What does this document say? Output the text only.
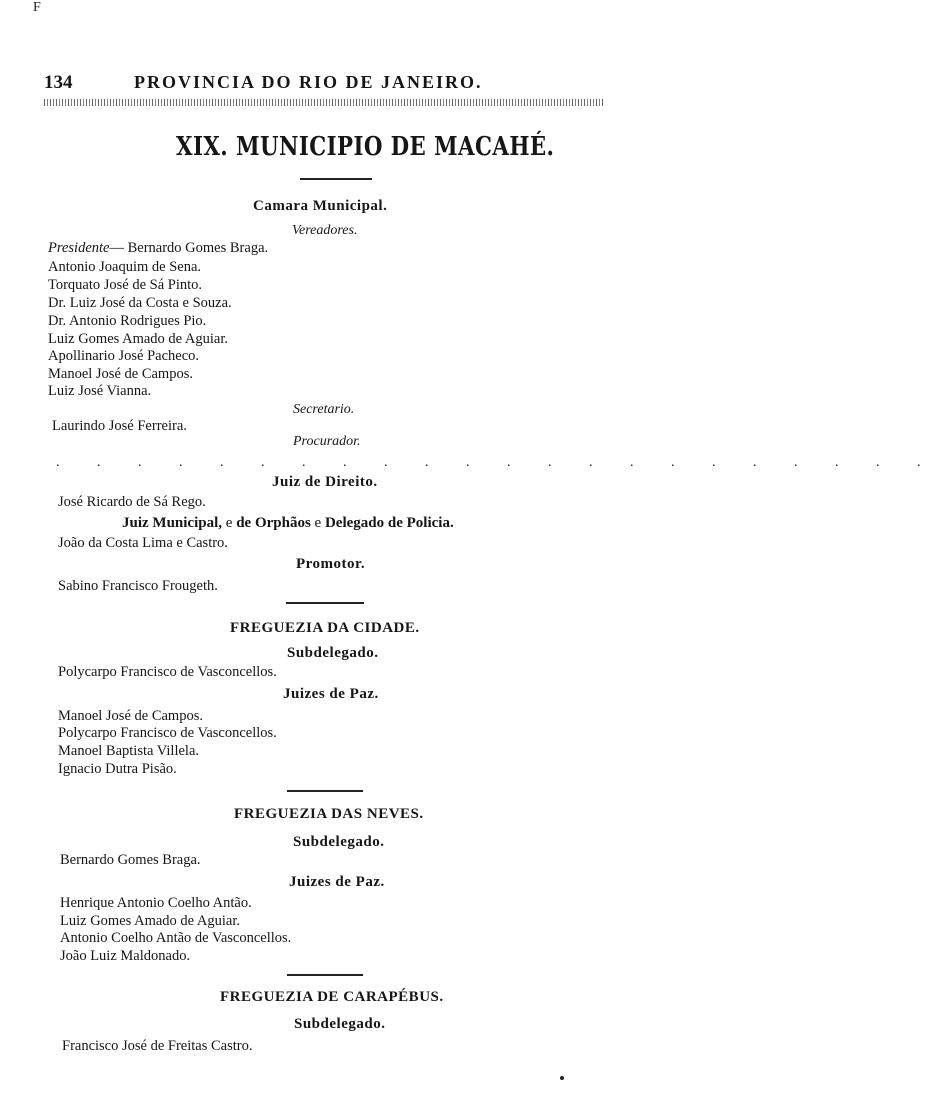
F
134	PROVINCIA DO RIO DE JANEIRO.
XIX. MUNICIPIO DE MACAHÉ.
Camara Municipal.
Vereadores.
Presidente— Bernardo Gomes Braga.
Antonio Joaquim de Sena.
Torquato José de Sá Pinto.
Dr. Luiz José da Costa e Souza.
Dr. Antonio Rodrigues Pio.
Luiz Gomes Amado de Aguiar.
Apollinario José Pacheco.
Manoel José de Campos.
Luiz José Vianna.
Secretario.
Laurindo José Ferreira.
Procurador.
. . . . . . . . . . . . . . . . . . . . . .
Juiz de Direito.
José Ricardo de Sá Rego.
Juiz Municipal, e de Orphãos e Delegado de Policia.
João da Costa Lima e Castro.
Promotor.
Sabino Francisco Frougeth.
FREGUEZIA DA CIDADE.
Subdelegado.
Polycarpo Francisco de Vasconcellos.
Juizes de Paz.
Manoel José de Campos.
Polycarpo Francisco de Vasconcellos.
Manoel Baptista Villela.
Ignacio Dutra Pisão.
FREGUEZIA DAS NEVES.
Subdelegado.
Bernardo Gomes Braga.
Juizes de Paz.
Henrique Antonio Coelho Antão.
Luiz Gomes Amado de Aguiar.
Antonio Coelho Antão de Vasconcellos.
João Luiz Maldonado.
FREGUEZIA DE CARAPÉBUS.
Subdelegado.
Francisco José de Freitas Castro.
